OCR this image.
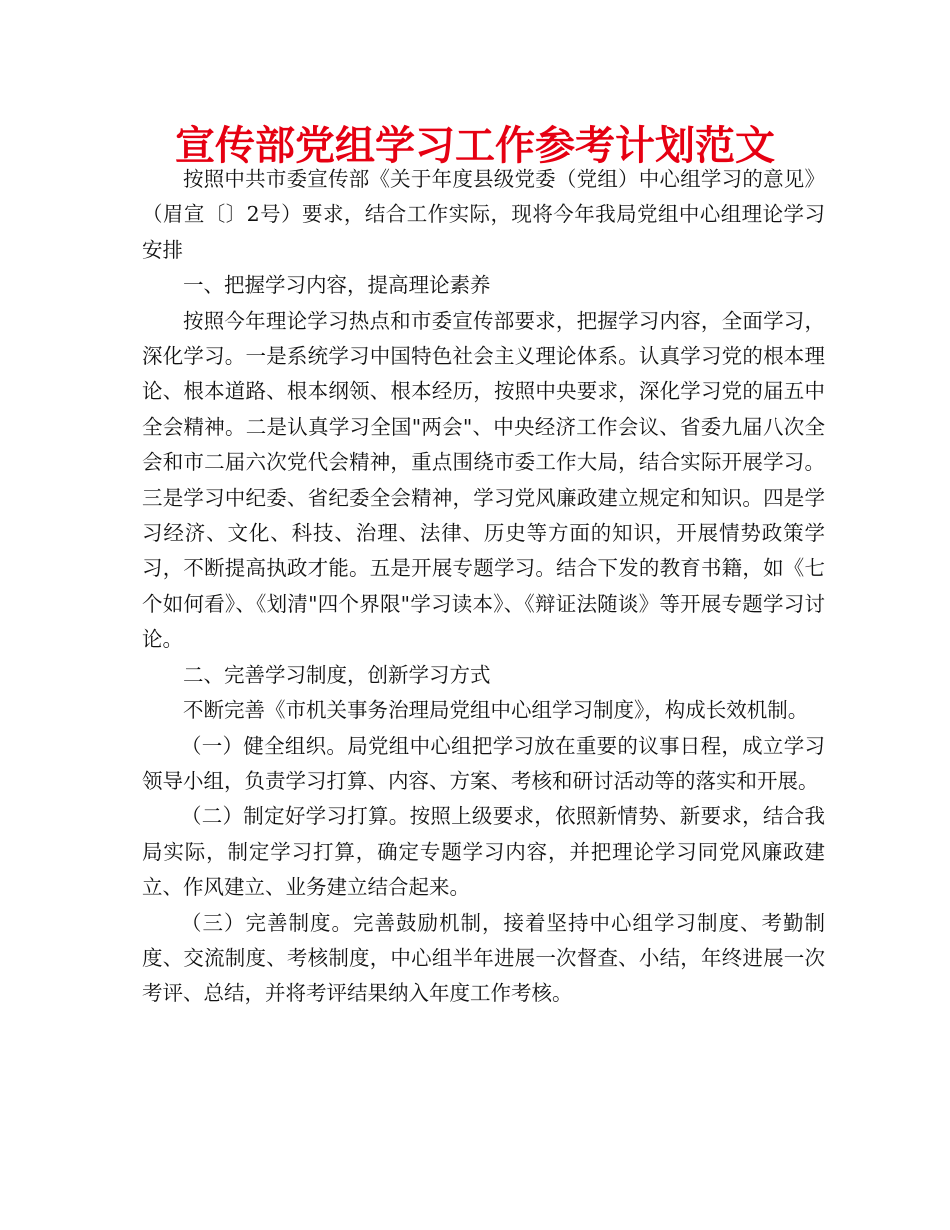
宣传部党组学习工作参考计划范文

按照中共市委宣传部《关于年度县级党委（党组）中心组学习的意见》（眉宣〔〕2号）要求，结合工作实际，现将今年我局党组中心组理论学习安排

一、把握学习内容，提高理论素养

按照今年理论学习热点和市委宣传部要求，把握学习内容，全面学习，深化学习。一是系统学习中国特色社会主义理论体系。认真学习党的根本理论、根本道路、根本纲领、根本经历，按照中央要求，深化学习党的届五中全会精神。二是认真学习全国"两会"、中央经济工作会议、省委九届八次全会和市二届六次党代会精神，重点围绕市委工作大局，结合实际开展学习。三是学习中纪委、省纪委全会精神，学习党风廉政建立规定和知识。四是学习经济、文化、科技、治理、法律、历史等方面的知识，开展情势政策学习，不断提高执政才能。五是开展专题学习。结合下发的教育书籍，如《七个如何看》、《划清"四个界限"学习读本》、《辩证法随谈》等开展专题学习讨论。

二、完善学习制度，创新学习方式

不断完善《市机关事务治理局党组中心组学习制度》，构成长效机制。

（一）健全组织。局党组中心组把学习放在重要的议事日程，成立学习领导小组，负责学习打算、内容、方案、考核和研讨活动等的落实和开展。

（二）制定好学习打算。按照上级要求，依照新情势、新要求，结合我局实际，制定学习打算，确定专题学习内容，并把理论学习同党风廉政建立、作风建立、业务建立结合起来。

（三）完善制度。完善鼓励机制，接着坚持中心组学习制度、考勤制度、交流制度、考核制度，中心组半年进展一次督查、小结，年终进展一次考评、总结，并将考评结果纳入年度工作考核。
